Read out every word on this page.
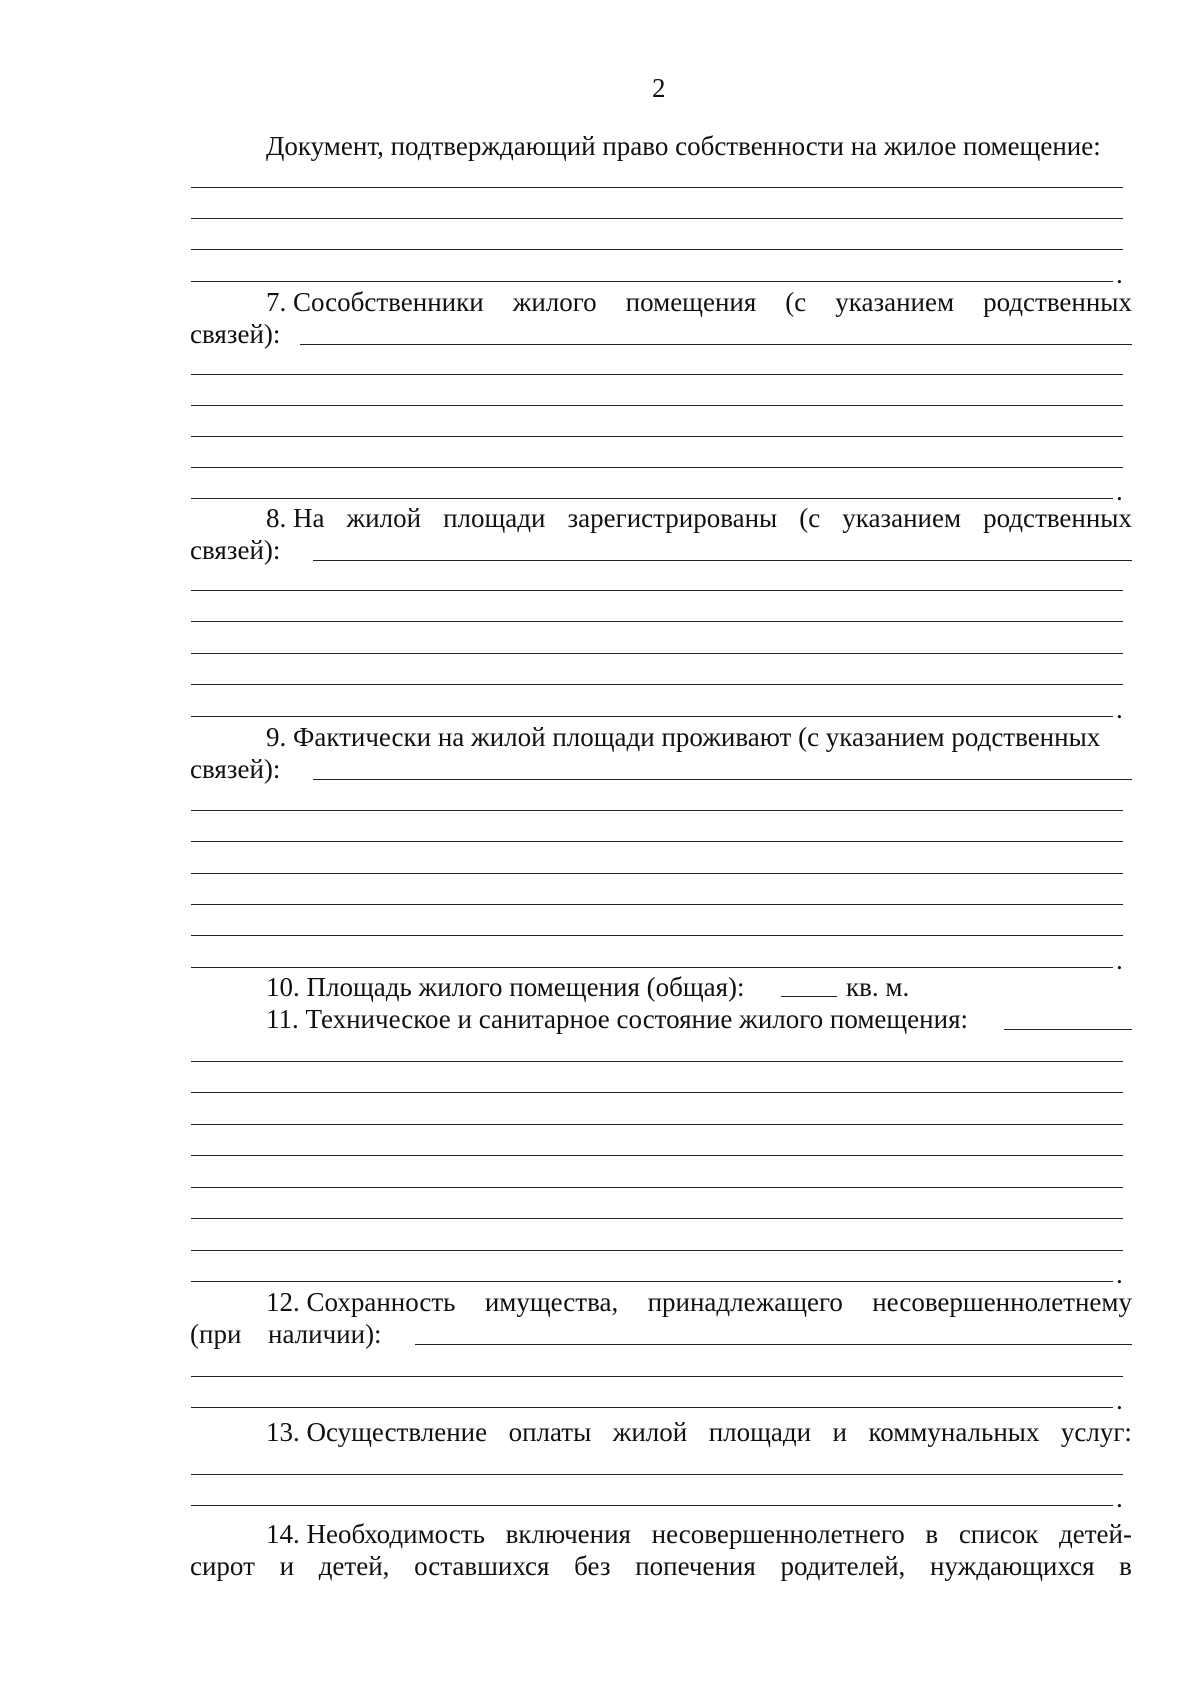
2
Документ, подтверждающий право собственности на жилое помещение:
.
7. Сособственники жилого помещения (с указанием родственных
связей):
.
8. На жилой площади зарегистрированы (с указанием родственных
связей):
.
9. Фактически на жилой площади проживают (с указанием родственных
связей):
.
10. Площадь жилого помещения (общая):	кв. м.
11. Техническое и санитарное состояние жилого помещения:
.
12. Сохранность имущества, принадлежащего несовершеннолетнему
(при наличии):
.
13. Осуществление оплаты жилой площади и коммунальных услуг:
.
14. Необходимость включения несовершеннолетнего в список детей-
сирот и детей, оставшихся без попечения родителей, нуждающихся в
